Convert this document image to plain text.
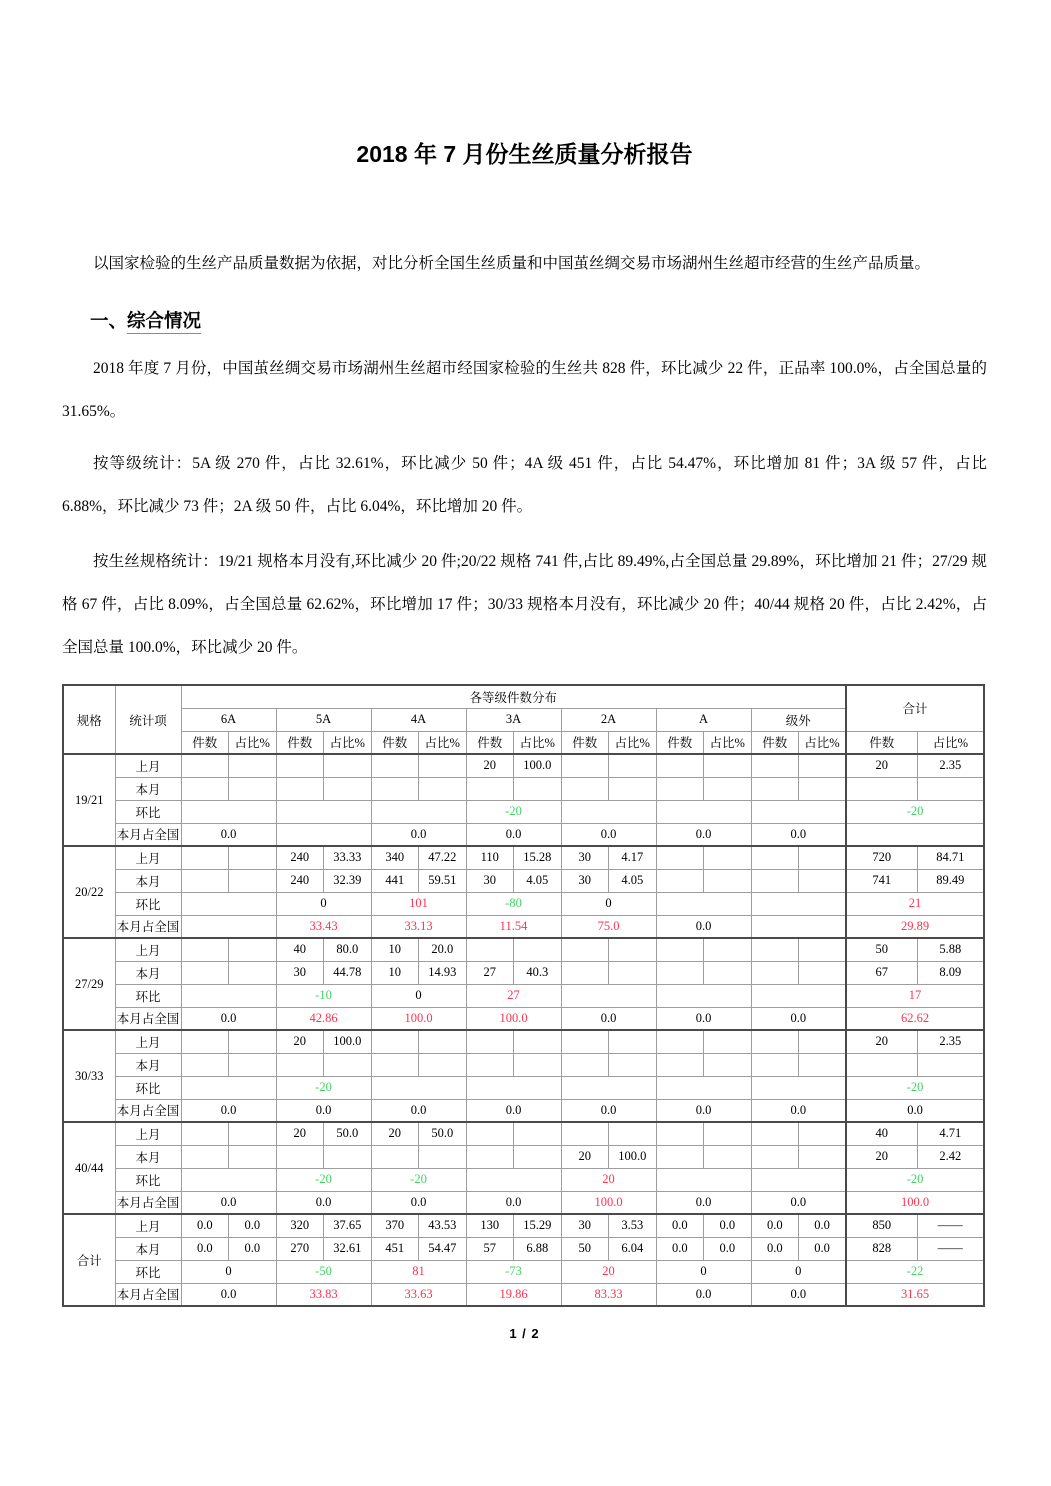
2018 年 7 月份生丝质量分析报告

以国家检验的生丝产品质量数据为依据，对比分析全国生丝质量和中国茧丝绸交易市场湖州生丝超市经营的生丝产品质量。

一、综合情况

2018 年度 7 月份，中国茧丝绸交易市场湖州生丝超市经国家检验的生丝共 828 件，环比减少 22 件，正品率 100.0%，占全国总量的 31.65%。

按等级统计：5A 级 270 件，占比 32.61%，环比减少 50 件；4A 级 451 件，占比 54.47%，环比增加 81 件；3A 级 57 件，占比 6.88%，环比减少 73 件；2A 级 50 件，占比 6.04%，环比增加 20 件。

按生丝规格统计：19/21 规格本月没有,环比减少 20 件;20/22 规格 741 件,占比 89.49%,占全国总量 29.89%，环比增加 21 件；27/29 规格 67 件，占比 8.09%，占全国总量 62.62%，环比增加 17 件；30/33 规格本月没有，环比减少 20 件；40/44 规格 20 件，占比 2.42%，占全国总量 100.0%，环比减少 20 件。

规格	统计项	各等级件数分布														合计	
		6A		5A		4A		3A		2A		A		级外			
		件数	占比%	件数	占比%	件数	占比%	件数	占比%	件数	占比%	件数	占比%	件数	占比%	件数	占比%
19/21	上月							20	100.0							20	2.35
	本月																
	环比							-20								-20	
	本月占全国	0.0				0.0		0.0		0.0		0.0		0.0			
20/22	上月			240	33.33	340	47.22	110	15.28	30	4.17					720	84.71
	本月			240	32.39	441	59.51	30	4.05	30	4.05					741	89.49
	环比			0		101		-80		0						21	
	本月占全国			33.43		33.13		11.54		75.0		0.0				29.89	
27/29	上月			40	80.0	10	20.0									50	5.88
	本月			30	44.78	10	14.93	27	40.3							67	8.09
	环比			-10		0		27								17	
	本月占全国	0.0		42.86		100.0		100.0		0.0		0.0		0.0		62.62	
30/33	上月			20	100.0											20	2.35
	本月																
	环比			-20												-20	
	本月占全国	0.0		0.0		0.0		0.0		0.0		0.0		0.0		0.0	
40/44	上月			20	50.0	20	50.0									40	4.71
	本月									20	100.0					20	2.42
	环比			-20		-20				20						-20	
	本月占全国	0.0		0.0		0.0		0.0		100.0		0.0		0.0		100.0	
合计	上月	0.0	0.0	320	37.65	370	43.53	130	15.29	30	3.53	0.0	0.0	0.0	0.0	850	——
	本月	0.0	0.0	270	32.61	451	54.47	57	6.88	50	6.04	0.0	0.0	0.0	0.0	828	——
	环比	0		-50		81		-73		20		0		0		-22	
	本月占全国	0.0		33.83		33.63		19.86		83.33		0.0		0.0		31.65	
1 / 2
